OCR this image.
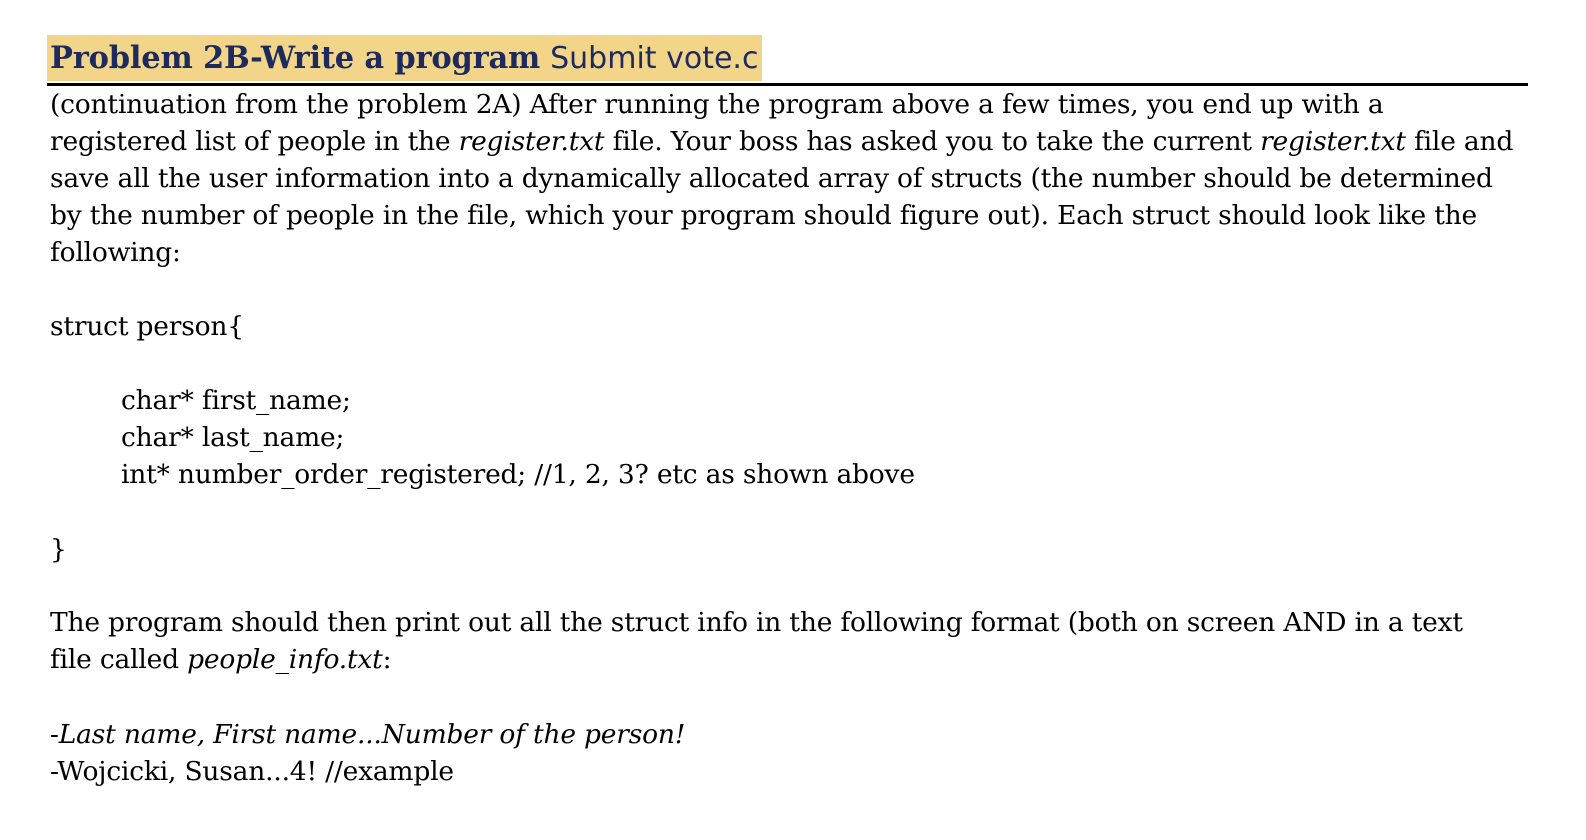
Problem 2B-Write a program Submit vote.c
(continuation from the problem 2A) After running the program above a few times, you end up with a
registered list of people in the register.txt file. Your boss has asked you to take the current register.txt file and
save all the user information into a dynamically allocated array of structs (the number should be determined
by the number of people in the file, which your program should figure out). Each struct should look like the
following:
struct person{
char* first_name;
char* last_name;
int* number_order_registered; //1, 2, 3? etc as shown above
}
The program should then print out all the struct info in the following format (both on screen AND in a text
file called people_info.txt:
-Last name, First name...Number of the person!
-Wojcicki, Susan...4! //example
